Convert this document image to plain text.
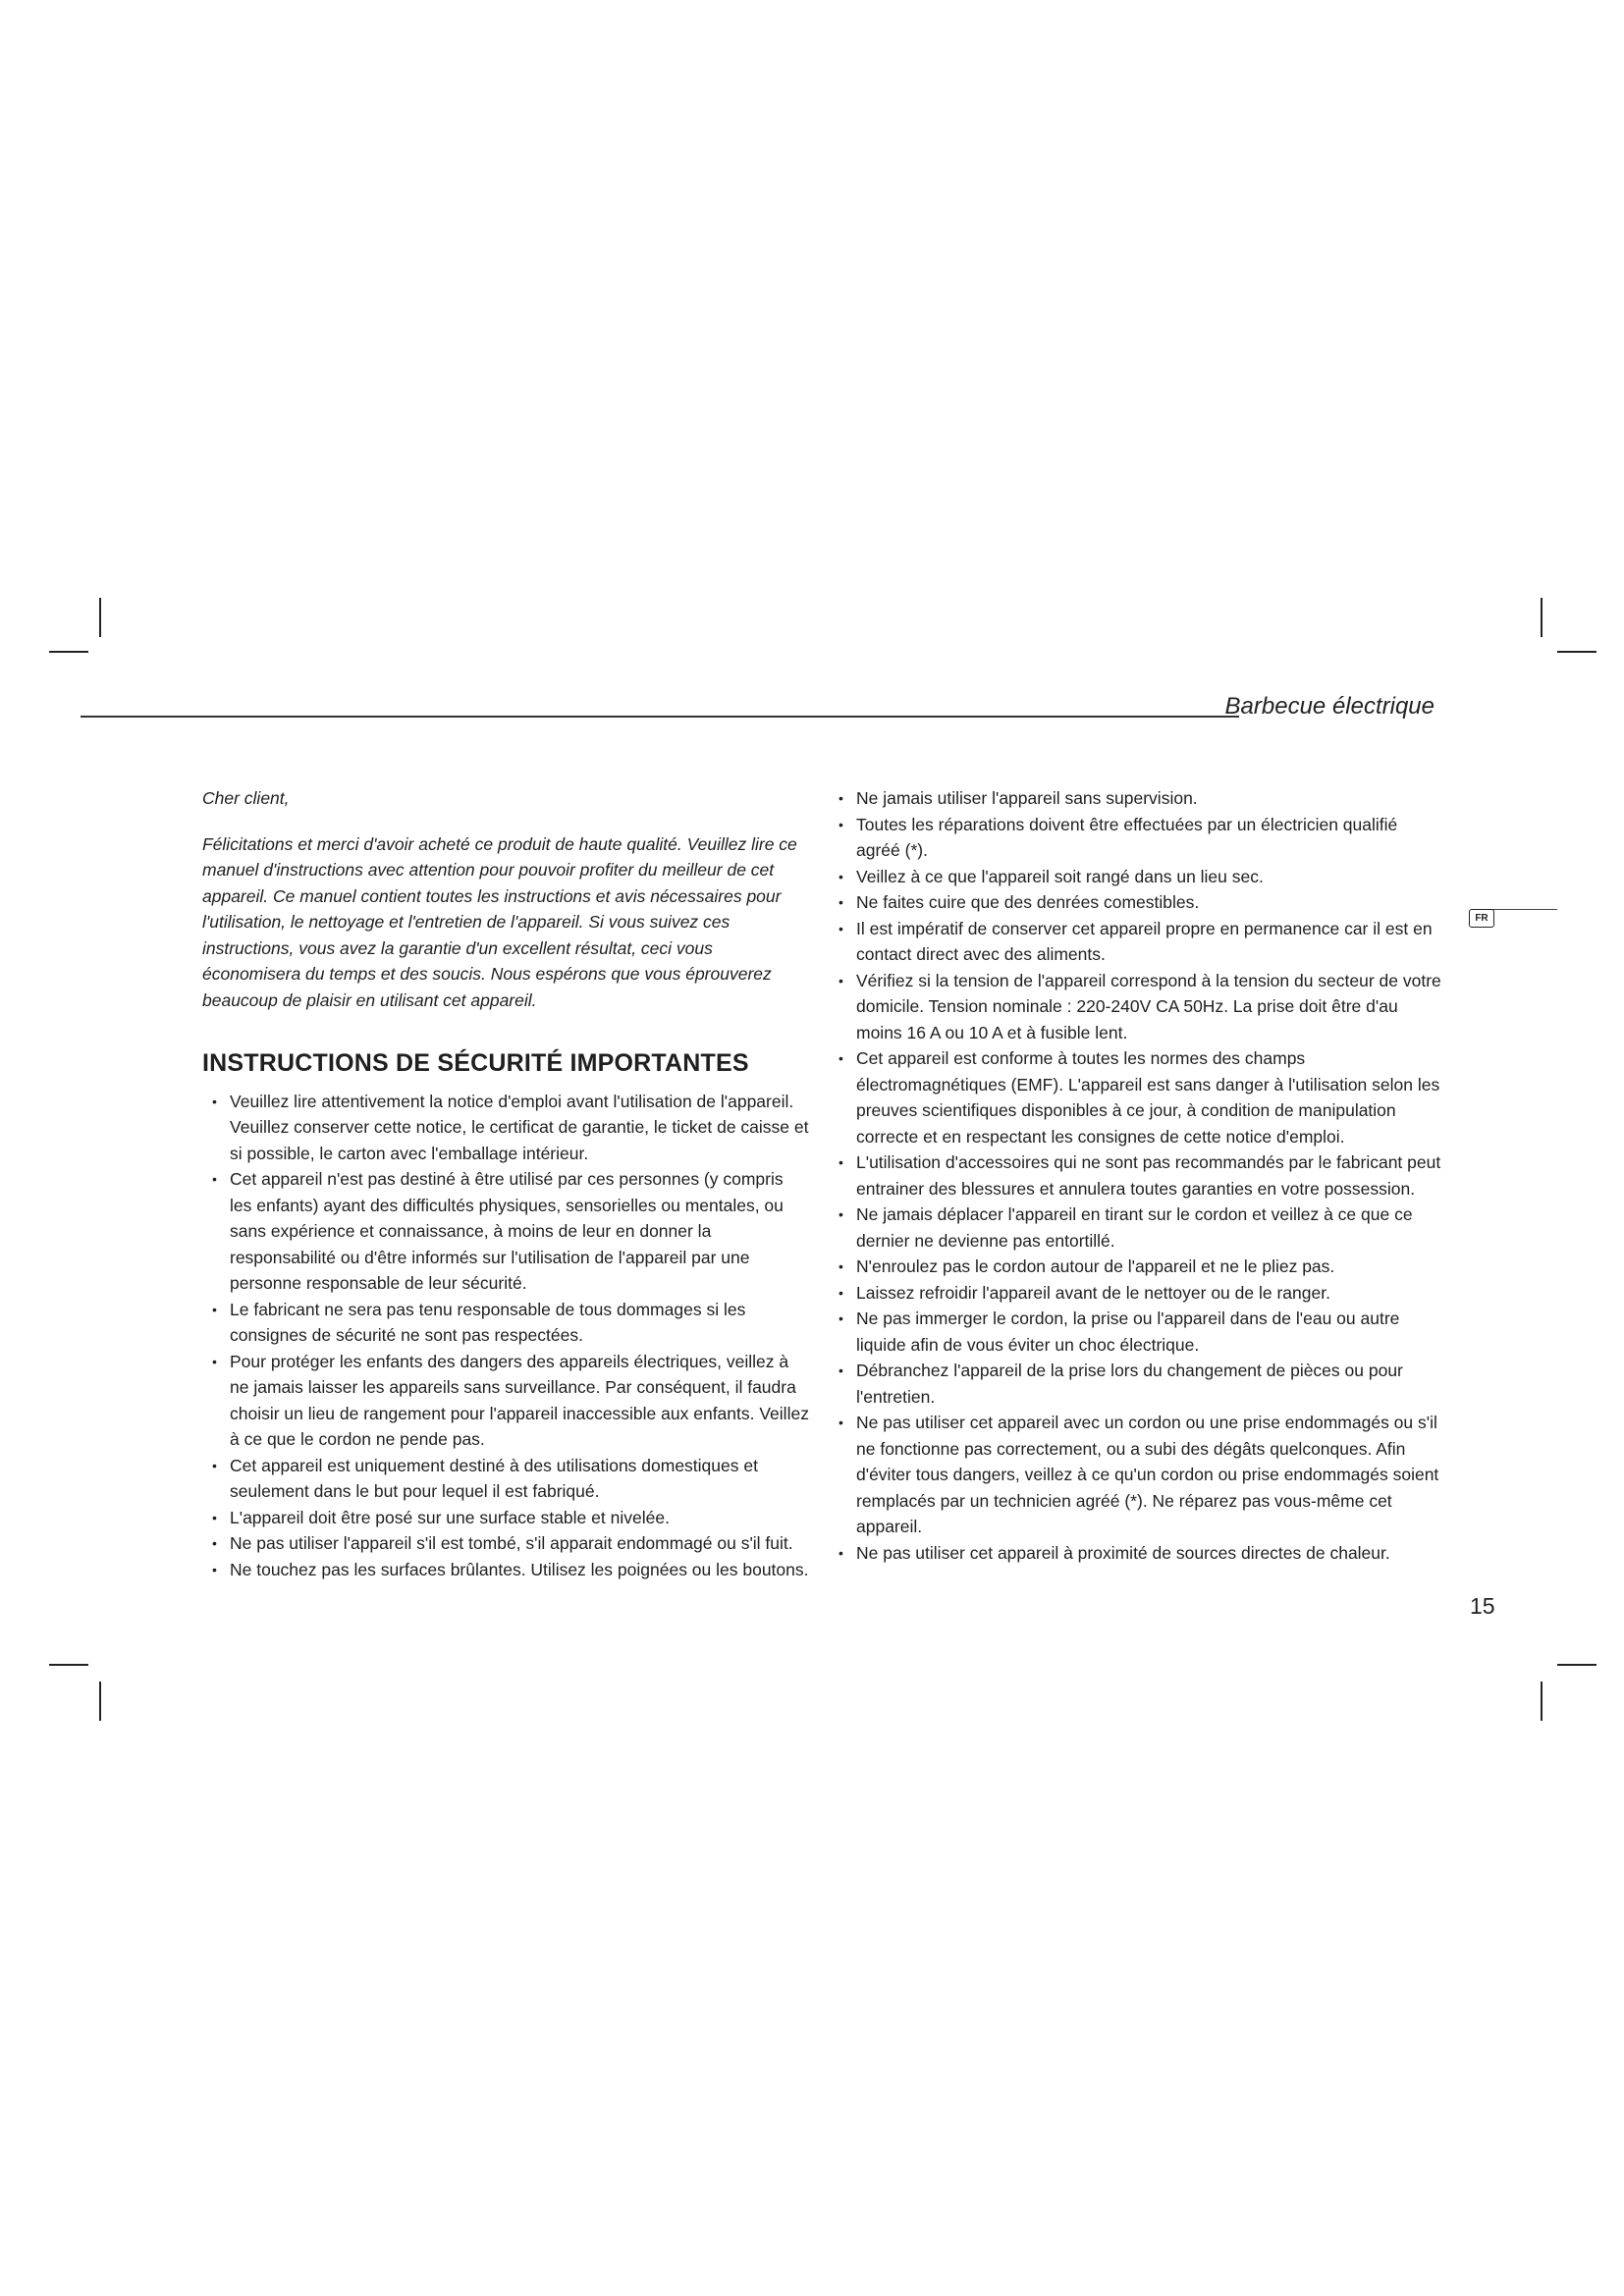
Barbecue électrique
FR

Cher client,

Félicitations et merci d'avoir acheté ce produit de haute qualité. Veuillez lire ce manuel d'instructions avec attention pour pouvoir profiter du meilleur de cet appareil. Ce manuel contient toutes les instructions et avis nécessaires pour l'utilisation, le nettoyage et l'entretien de l'appareil. Si vous suivez ces instructions, vous avez la garantie d'un excellent résultat, ceci vous économisera du temps et des soucis. Nous espérons que vous éprouverez beaucoup de plaisir en utilisant cet appareil.

INSTRUCTIONS DE SÉCURITÉ IMPORTANTES
• Veuillez lire attentivement la notice d'emploi avant l'utilisation de l'appareil. Veuillez conserver cette notice, le certificat de garantie, le ticket de caisse et si possible, le carton avec l'emballage intérieur.
• Cet appareil n'est pas destiné à être utilisé par ces personnes (y compris les enfants) ayant des difficultés physiques, sensorielles ou mentales, ou sans expérience et connaissance, à moins de leur en donner la responsabilité ou d'être informés sur l'utilisation de l'appareil par une personne responsable de leur sécurité.
• Le fabricant ne sera pas tenu responsable de tous dommages si les consignes de sécurité ne sont pas respectées.
• Pour protéger les enfants des dangers des appareils électriques, veillez à ne jamais laisser les appareils sans surveillance. Par conséquent, il faudra choisir un lieu de rangement pour l'appareil inaccessible aux enfants. Veillez à ce que le cordon ne pende pas.
• Cet appareil est uniquement destiné à des utilisations domestiques et seulement dans le but pour lequel il est fabriqué.
• L'appareil doit être posé sur une surface stable et nivelée.
• Ne pas utiliser l'appareil s'il est tombé, s'il apparait endommagé ou s'il fuit.
• Ne touchez pas les surfaces brûlantes. Utilisez les poignées ou les boutons.
• Ne jamais utiliser l'appareil sans supervision.
• Toutes les réparations doivent être effectuées par un électricien qualifié agréé (*).
• Veillez à ce que l'appareil soit rangé dans un lieu sec.
• Ne faites cuire que des denrées comestibles.
• Il est impératif de conserver cet appareil propre en permanence car il est en contact direct avec des aliments.
• Vérifiez si la tension de l'appareil correspond à la tension du secteur de votre domicile. Tension nominale : 220-240V CA 50Hz. La prise doit être d'au moins 16 A ou 10 A et à fusible lent.
• Cet appareil est conforme à toutes les normes des champs électromagnétiques (EMF). L'appareil est sans danger à l'utilisation selon les preuves scientifiques disponibles à ce jour, à condition de manipulation correcte et en respectant les consignes de cette notice d'emploi.
• L'utilisation d'accessoires qui ne sont pas recommandés par le fabricant peut entrainer des blessures et annulera toutes garanties en votre possession.
• Ne jamais déplacer l'appareil en tirant sur le cordon et veillez à ce que ce dernier ne devienne pas entortillé.
• N'enroulez pas le cordon autour de l'appareil et ne le pliez pas.
• Laissez refroidir l'appareil avant de le nettoyer ou de le ranger.
• Ne pas immerger le cordon, la prise ou l'appareil dans de l'eau ou autre liquide afin de vous éviter un choc électrique.
• Débranchez l'appareil de la prise lors du changement de pièces ou pour l'entretien.
• Ne pas utiliser cet appareil avec un cordon ou une prise endommagés ou s'il ne fonctionne pas correctement, ou a subi des dégâts quelconques. Afin d'éviter tous dangers, veillez à ce qu'un cordon ou prise endommagés soient remplacés par un technicien agréé (*). Ne réparez pas vous-même cet appareil.
• Ne pas utiliser cet appareil à proximité de sources directes de chaleur.
15
